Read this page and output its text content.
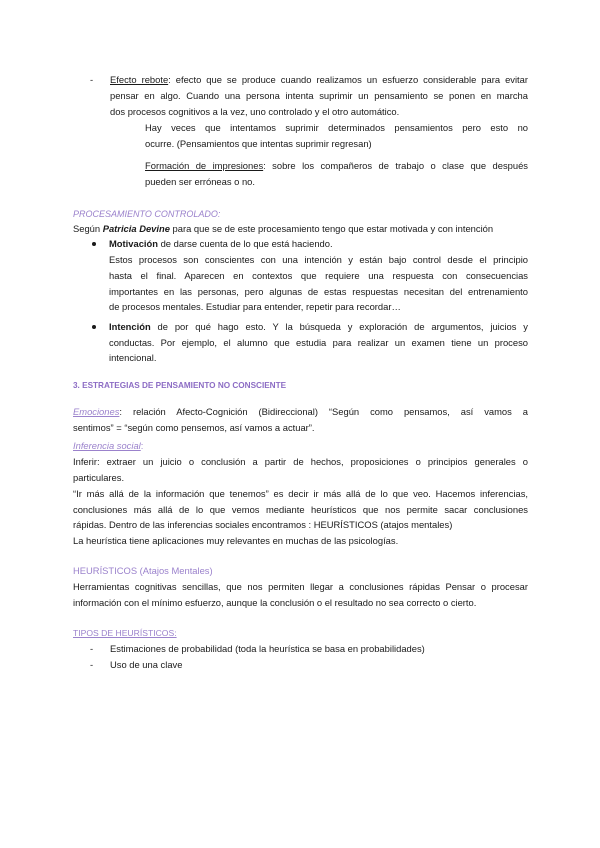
- Efecto rebote: efecto que se produce cuando realizamos un esfuerzo considerable para evitar
pensar en algo. Cuando una persona intenta suprimir un pensamiento se ponen en marcha
dos procesos cognitivos a la vez, uno controlado y el otro automático.
Hay veces que intentamos suprimir determinados pensamientos pero esto no
ocurre. (Pensamientos que intentas suprimir regresan)
Formación de impresiones: sobre los compañeros de trabajo o clase que después
pueden ser erróneas o no.
PROCESAMIENTO CONTROLADO:
Según Patricia Devine para que se de este procesamiento tengo que estar motivada y con intención
Motivación de darse cuenta de lo que está haciendo.
Estos procesos son conscientes con una intención y están bajo control desde el principio
hasta el final. Aparecen en contextos que requiere una respuesta con consecuencias
importantes en las personas, pero algunas de estas respuestas necesitan del entrenamiento
de procesos mentales. Estudiar para entender, repetir para recordar…
Intención de por qué hago esto. Y la búsqueda y exploración de argumentos, juicios y
conductas. Por ejemplo, el alumno que estudia para realizar un examen tiene un proceso
intencional.
3. ESTRATEGIAS DE PENSAMIENTO NO CONSCIENTE
Emociones: relación Afecto-Cognición (Bidireccional) “Según como pensamos, así vamos a
sentimos” = “según como pensemos, así vamos a actuar”.
Inferencia social:
Inferir: extraer un juicio o conclusión a partir de hechos, proposiciones o principios generales o
particulares.
“Ir más allá de la información que tenemos” es decir ir más allá de lo que veo. Hacemos inferencias,
conclusiones más allá de lo que vemos mediante heurísticos que nos permite sacar conclusiones
rápidas. Dentro de las inferencias sociales encontramos : HEURÍSTICOS (atajos mentales)
La heurística tiene aplicaciones muy relevantes en muchas de las psicologías.
HEURÍSTICOS (Atajos Mentales)
Herramientas cognitivas sencillas, que nos permiten llegar a conclusiones rápidas Pensar o procesar
información con el mínimo esfuerzo, aunque la conclusión o el resultado no sea correcto o cierto.
TIPOS DE HEURÍSTICOS:
- Estimaciones de probabilidad (toda la heurística se basa en probabilidades)
- Uso de una clave
